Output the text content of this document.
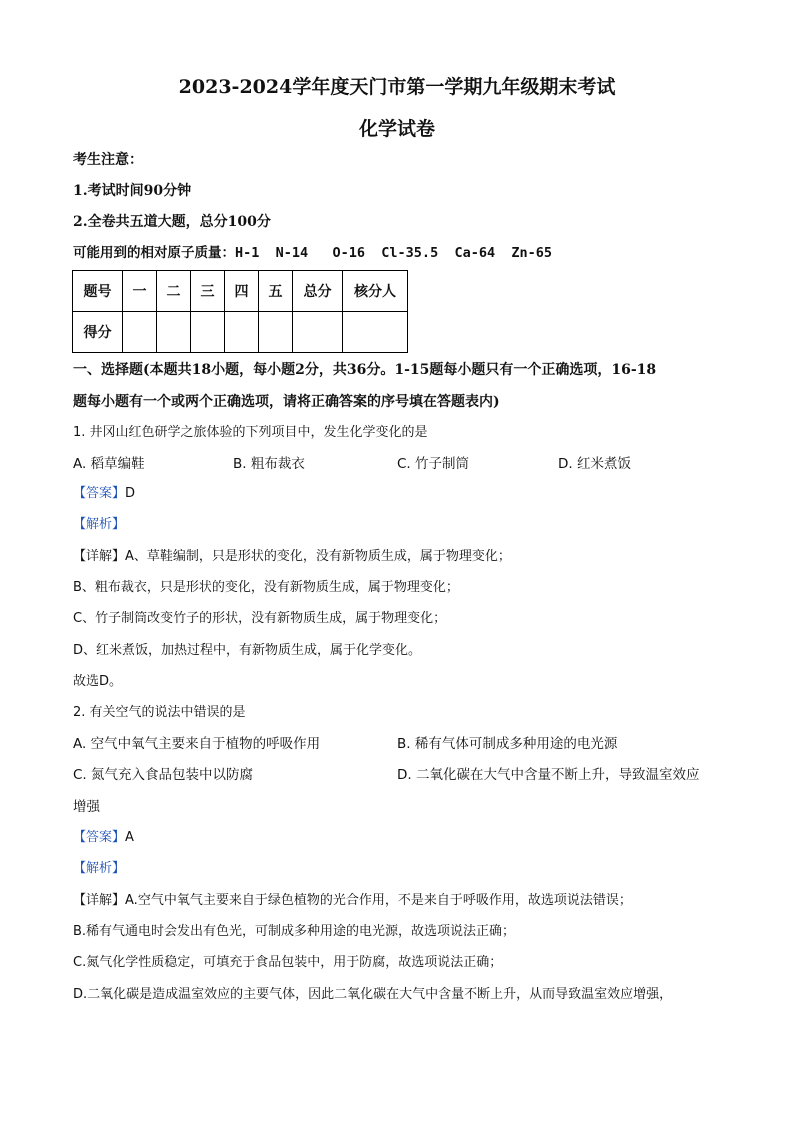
2023-2024学年度天门市第一学期九年级期末考试
化学试卷
考生注意：
1.考试时间90分钟
2.全卷共五道大题，总分100分
可能用到的相对原子质量：H-1  N-14   O-16  Cl-35.5  Ca-64  Zn-65
题号	一	二	三	四	五	总分	核分人
得分							
一、选择题(本题共18小题，每小题2分，共36分。1-15题每小题只有一个正确选项，16-18
题每小题有一个或两个正确选项，请将正确答案的序号填在答题表内)
1. 井冈山红色研学之旅体验的下列项目中，发生化学变化的是
A. 稻草编鞋	B. 粗布裁衣	C. 竹子制筒	D. 红米煮饭
【答案】D
【解析】
【详解】A、草鞋编制，只是形状的变化，没有新物质生成，属于物理变化；
B、粗布裁衣，只是形状的变化，没有新物质生成，属于物理变化；
C、竹子制筒改变竹子的形状，没有新物质生成，属于物理变化；
D、红米煮饭，加热过程中，有新物质生成，属于化学变化。
故选D。
2. 有关空气的说法中错误的是
A. 空气中氧气主要来自于植物的呼吸作用	B. 稀有气体可制成多种用途的电光源
C. 氮气充入食品包装中以防腐	D. 二氧化碳在大气中含量不断上升，导致温室效应
增强
【答案】A
【解析】
【详解】A.空气中氧气主要来自于绿色植物的光合作用，不是来自于呼吸作用，故选项说法错误；
B.稀有气通电时会发出有色光，可制成多种用途的电光源，故选项说法正确；
C.氮气化学性质稳定，可填充于食品包装中，用于防腐，故选项说法正确；
D.二氧化碳是造成温室效应的主要气体，因此二氧化碳在大气中含量不断上升，从而导致温室效应增强，
